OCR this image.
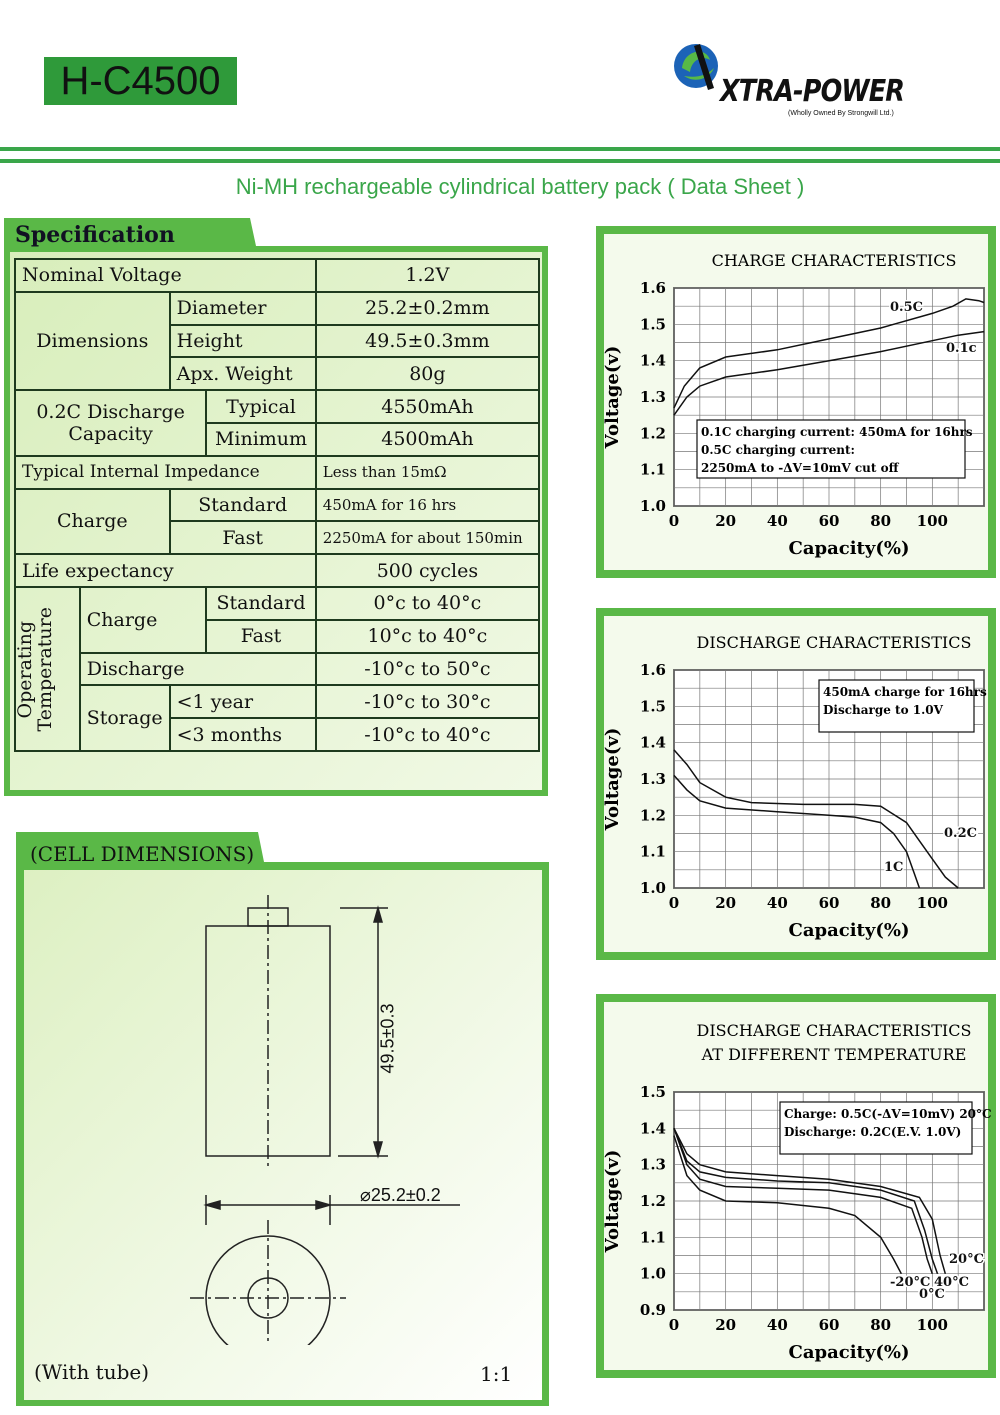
H-C4500	XTRA-POWER
(Wholly Owned By Strongwill Ltd.)
Ni-MH rechargeable cylindrical battery pack ( Data Sheet )
Specification
Nominal Voltage				1.2V
Dimensions		Diameter		25.2±0.2mm
		Height		49.5±0.3mm
		Apx. Weight		80g

0.2C Discharge
Capacity			Typical	4550mAh
			Minimum	4500mAh
Typical Internal Impedance				Less than 15mΩ
Charge		Standard		450mA for 16 hrs
		Fast		2250mA for about 150min
Life expectancy				500 cycles

Operating
Temperature	Charge		Standard	0°c to 40°c
			Fast	10°c to 40°c
	Discharge			-10°c to 50°c
	Storage	<1 year		-10°c to 30°c
		<3 months		-10°c to 40°c
(CELL DIMENSIONS)
49.5±0.3
⌀25.2±0.2
(With tube)	1:1
CHARGE CHARACTERISTICS
0 20 40 60 80 100
1.0
1.1
1.2
1.3
1.4
1.5
1.6
Capacity(%)
Voltage(v)
0.5C
0.1c
0.1C charging current: 450mA for 16hrs
0.5C charging current:
2250mA to -ΔV=10mV cut off
DISCHARGE CHARACTERISTICS
0 20 40 60 80 100
1.0
1.1
1.2
1.3
1.4
1.5
1.6
Capacity(%)
Voltage(v)
0.2C
1C
450mA charge for 16hrs
Discharge to 1.0V
DISCHARGE CHARACTERISTICS
AT DIFFERENT TEMPERATURE
0 20 40 60 80 100
0.9
1.0
1.1
1.2
1.3
1.4
1.5
Capacity(%)
Voltage(v)
20°C
40°C
0°C
-20°C
Charge: 0.5C(-ΔV=10mV) 20°C
Discharge: 0.2C(E.V. 1.0V)
